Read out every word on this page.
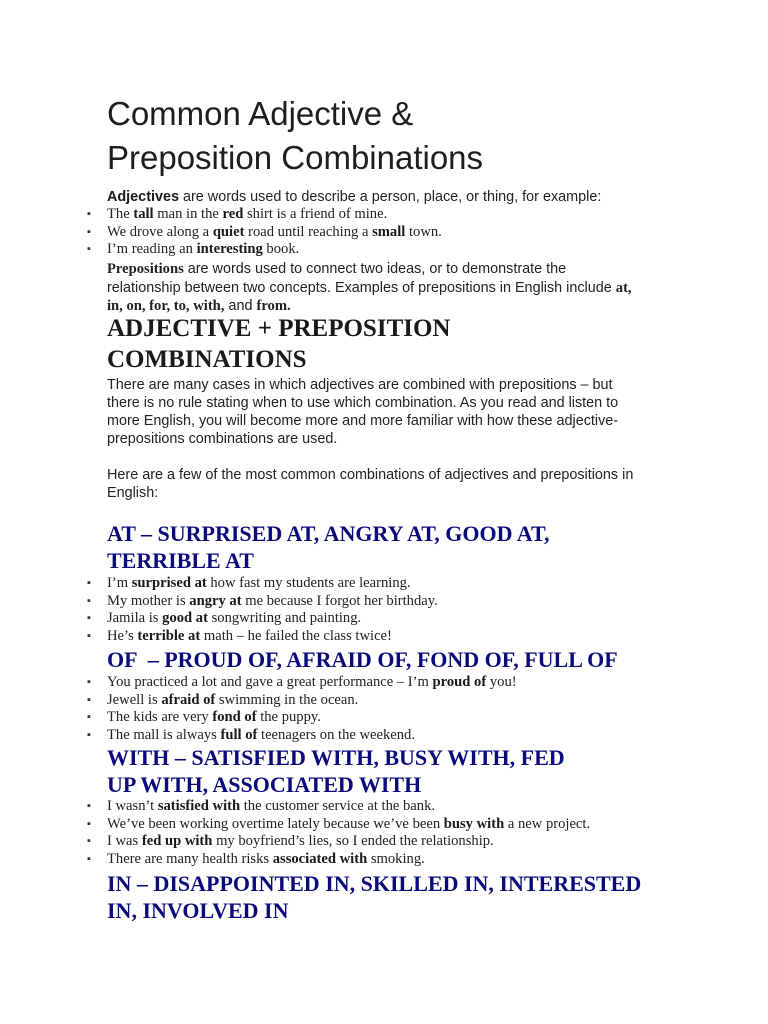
Common Adjective &
Preposition Combinations

Adjectives are words used to describe a person, place, or thing, for example:

▪ The tall man in the red shirt is a friend of mine.
▪ We drove along a quiet road until reaching a small town.
▪ I’m reading an interesting book.
Prepositions are words used to connect two ideas, or to demonstrate the
relationship between two concepts. Examples of prepositions in English include at,
in, on, for, to, with, and from.
ADJECTIVE + PREPOSITION
COMBINATIONS
There are many cases in which adjectives are combined with prepositions – but
there is no rule stating when to use which combination. As you read and listen to
more English, you will become more and more familiar with how these adjective-
prepositions combinations are used.
Here are a few of the most common combinations of adjectives and prepositions in
English:
AT – SURPRISED AT, ANGRY AT, GOOD AT,
TERRIBLE AT
▪ I’m surprised at how fast my students are learning.
▪ My mother is angry at me because I forgot her birthday.
▪ Jamila is good at songwriting and painting.
▪ He’s terrible at math – he failed the class twice!
OF  – PROUD OF, AFRAID OF, FOND OF, FULL OF
▪ You practiced a lot and gave a great performance – I’m proud of you!
▪ Jewell is afraid of swimming in the ocean.
▪ The kids are very fond of the puppy.
▪ The mall is always full of teenagers on the weekend.
WITH – SATISFIED WITH, BUSY WITH, FED
UP WITH, ASSOCIATED WITH
▪ I wasn’t satisfied with the customer service at the bank.
▪ We’ve been working overtime lately because we’ve been busy with a new project.
▪ I was fed up with my boyfriend’s lies, so I ended the relationship.
▪ There are many health risks associated with smoking.
IN – DISAPPOINTED IN, SKILLED IN, INTERESTED
IN, INVOLVED IN
